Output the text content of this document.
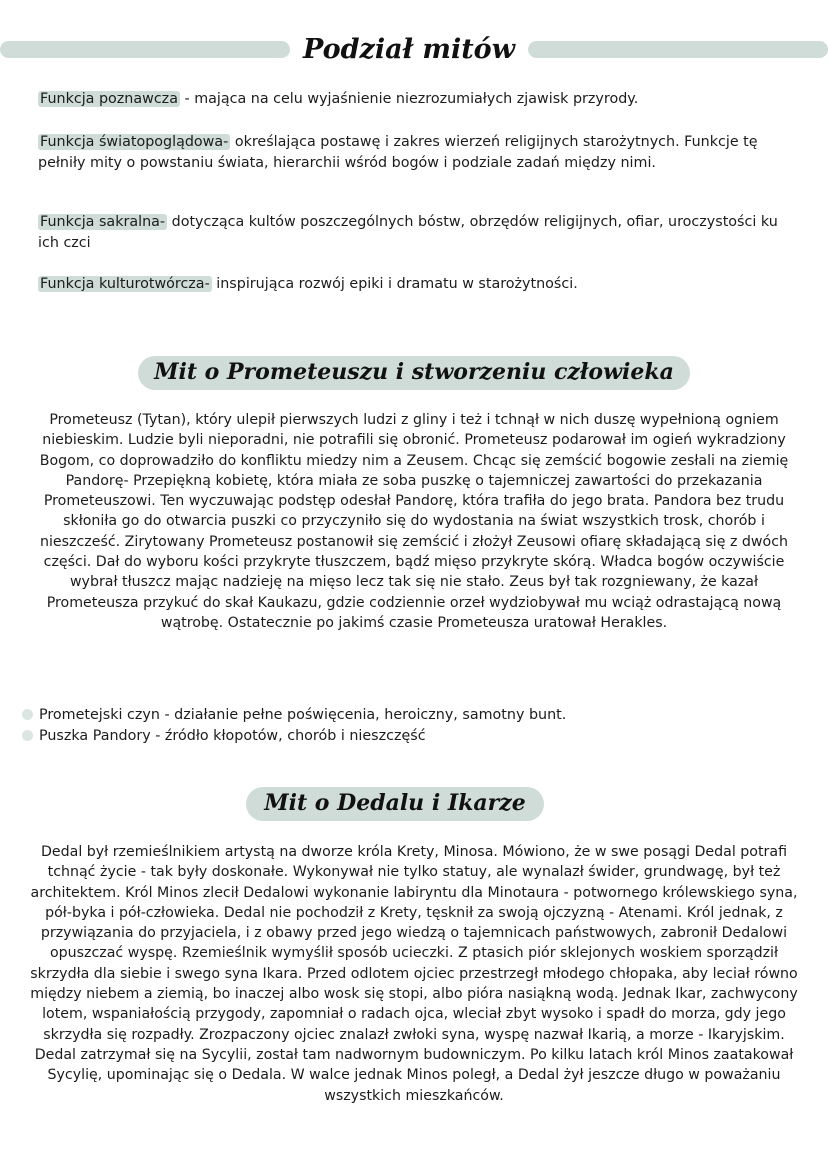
Podział mitów
Funkcja poznawcza - mająca na celu wyjaśnienie niezrozumiałych zjawisk przyrody.
Funkcja światopoglądowa- określająca postawę i zakres wierzeń religijnych starożytnych. Funkcje tę pełniły mity o powstaniu świata, hierarchii wśród bogów i podziale zadań między nimi.
Funkcja sakralna- dotycząca kultów poszczególnych bóstw, obrzędów religijnych, ofiar, uroczystości ku ich czci
Funkcja kulturotwórcza- inspirująca rozwój epiki i dramatu w starożytności.
Mit o Prometeuszu i stworzeniu człowieka

Prometeusz (Tytan), który ulepił pierwszych ludzi z gliny i też i tchnął w nich duszę wypełnioną ogniem niebieskim. Ludzie byli nieporadni, nie potrafili się obronić. Prometeusz podarował im ogień wykradziony Bogom, co doprowadziło do konfliktu miedzy nim a Zeusem. Chcąc się zemścić bogowie zesłali na ziemię Pandorę- Przepiękną kobietę, która miała ze soba puszkę o tajemniczej zawartości do przekazania Prometeuszowi. Ten wyczuwając podstęp odesłał Pandorę, która trafiła do jego brata. Pandora bez trudu skłoniła go do otwarcia puszki co przyczyniło się do wydostania na świat wszystkich trosk, chorób i nieszcześć. Zirytowany Prometeusz postanowił się zemścić i złożył Zeusowi ofiarę składającą się z dwóch części. Dał do wyboru kości przykryte tłuszczem, bądź mięso przykryte skórą. Władca bogów oczywiście wybrał tłuszcz mając nadzieję na mięso lecz tak się nie stało. Zeus był tak rozgniewany, że kazał Prometeusza przykuć do skał Kaukazu, gdzie codziennie orzeł wydziobywał mu wciąż odrastającą nową wątrobę. Ostatecznie po jakimś czasie Prometeusza uratował Herakles.

Prometejski czyn - działanie pełne poświęcenia, heroiczny, samotny bunt.
Puszka Pandory - źródło kłopotów, chorób i nieszczęść
Mit o Dedalu i Ikarze

Dedal był rzemieślnikiem artystą na dworze króla Krety, Minosa. Mówiono, że w swe posągi Dedal potrafi tchnąć życie - tak były doskonałe. Wykonywał nie tylko statuy, ale wynalazł świder, grundwagę, był też architektem. Król Minos zlecił Dedalowi wykonanie labiryntu dla Minotaura - potwornego królewskiego syna, pół-byka i pół-człowieka. Dedal nie pochodził z Krety, tęsknił za swoją ojczyzną - Atenami. Król jednak, z przywiązania do przyjaciela, i z obawy przed jego wiedzą o tajemnicach państwowych, zabronił Dedalowi opuszczać wyspę. Rzemieślnik wymyślił sposób ucieczki. Z ptasich piór sklejonych woskiem sporządził skrzydła dla siebie i swego syna Ikara. Przed odlotem ojciec przestrzegł młodego chłopaka, aby leciał równo między niebem a ziemią, bo inaczej albo wosk się stopi, albo pióra nasiąkną wodą. Jednak Ikar, zachwycony lotem, wspaniałością przygody, zapomniał o radach ojca, wleciał zbyt wysoko i spadł do morza, gdy jego skrzydła się rozpadły. Zrozpaczony ojciec znalazł zwłoki syna, wyspę nazwał Ikarią, a morze - Ikaryjskim. Dedal zatrzymał się na Sycylii, został tam nadwornym budowniczym. Po kilku latach król Minos zaatakował Sycylię, upominając się o Dedala. W walce jednak Minos poległ, a Dedal żył jeszcze długo w poważaniu wszystkich mieszkańców.
